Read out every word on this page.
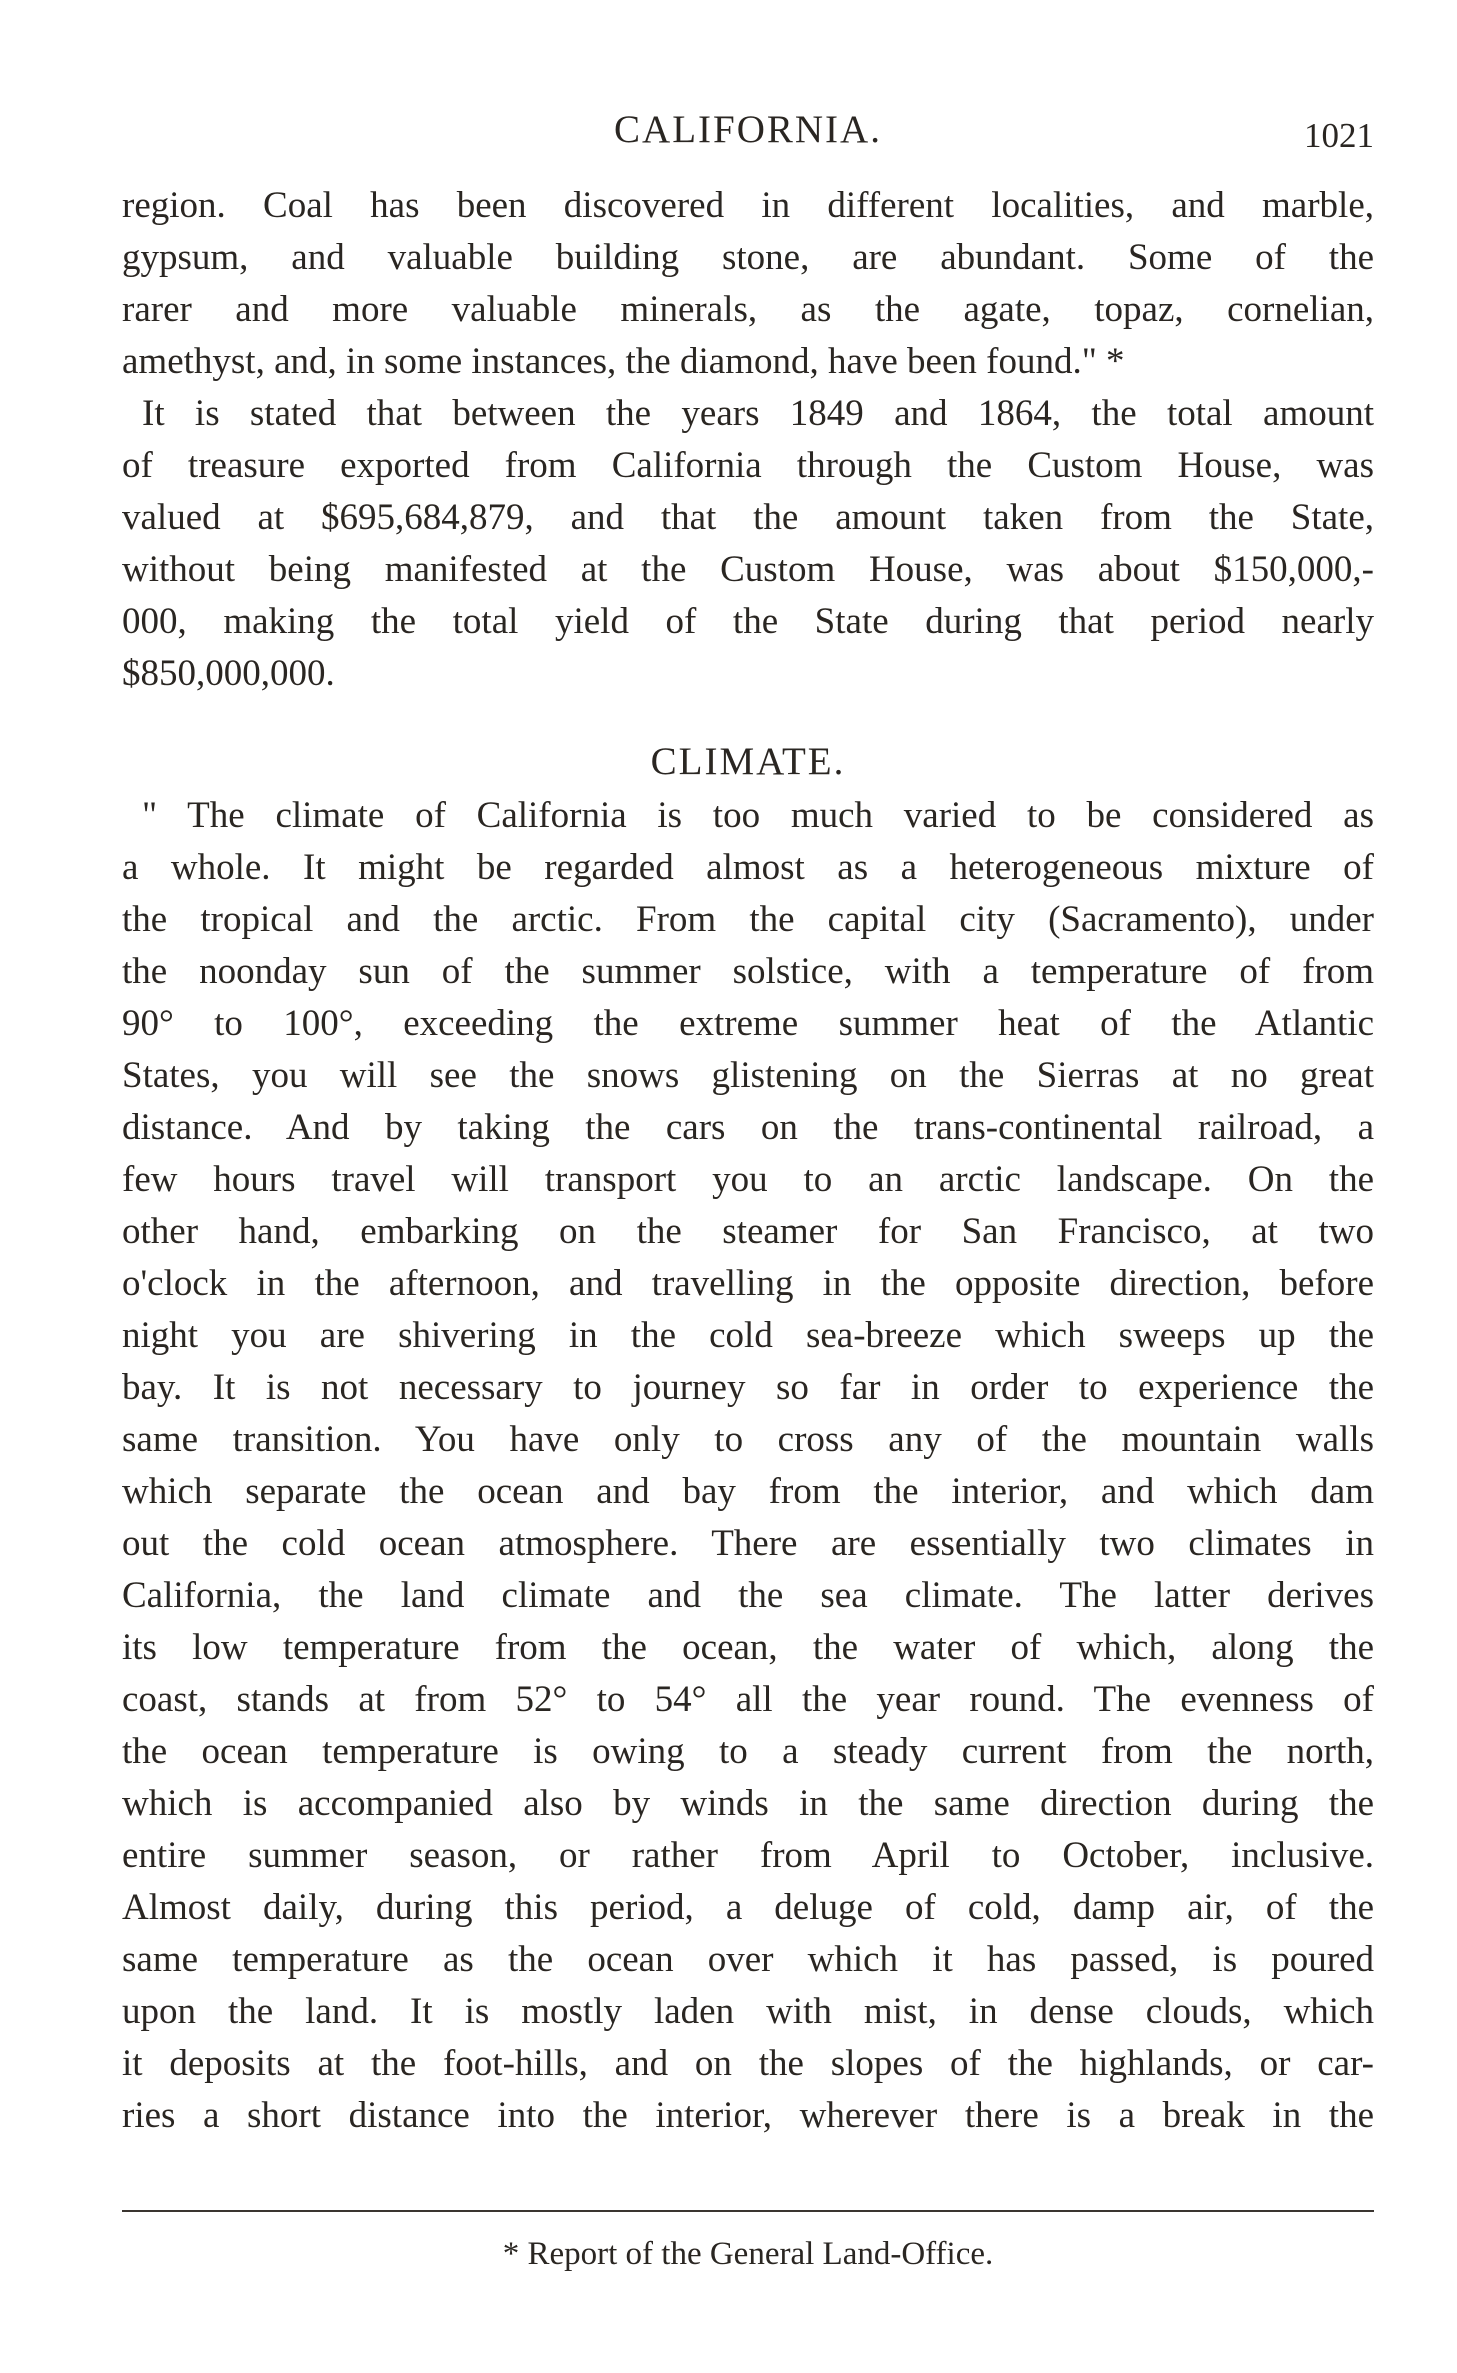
CALIFORNIA.	1021
region. Coal has been discovered in different localities, and marble,
gypsum, and valuable building stone, are abundant. Some of the
rarer and more valuable minerals, as the agate, topaz, cornelian,
amethyst, and, in some instances, the diamond, have been found." *
It is stated that between the years 1849 and 1864, the total amount
of treasure exported from California through the Custom House, was
valued at $695,684,879, and that the amount taken from the State,
without being manifested at the Custom House, was about $150,000,-
000, making the total yield of the State during that period nearly
$850,000,000.
CLIMATE.
" The climate of California is too much varied to be considered as
a whole. It might be regarded almost as a heterogeneous mixture of
the tropical and the arctic. From the capital city (Sacramento), under
the noonday sun of the summer solstice, with a temperature of from
90° to 100°, exceeding the extreme summer heat of the Atlantic
States, you will see the snows glistening on the Sierras at no great
distance. And by taking the cars on the trans-continental railroad, a
few hours travel will transport you to an arctic landscape. On the
other hand, embarking on the steamer for San Francisco, at two
o'clock in the afternoon, and travelling in the opposite direction, before
night you are shivering in the cold sea-breeze which sweeps up the
bay. It is not necessary to journey so far in order to experience the
same transition. You have only to cross any of the mountain walls
which separate the ocean and bay from the interior, and which dam
out the cold ocean atmosphere. There are essentially two climates in
California, the land climate and the sea climate. The latter derives
its low temperature from the ocean, the water of which, along the
coast, stands at from 52° to 54° all the year round. The evenness of
the ocean temperature is owing to a steady current from the north,
which is accompanied also by winds in the same direction during the
entire summer season, or rather from April to October, inclusive.
Almost daily, during this period, a deluge of cold, damp air, of the
same temperature as the ocean over which it has passed, is poured
upon the land. It is mostly laden with mist, in dense clouds, which
it deposits at the foot-hills, and on the slopes of the highlands, or car-
ries a short distance into the interior, wherever there is a break in the
* Report of the General Land-Office.
